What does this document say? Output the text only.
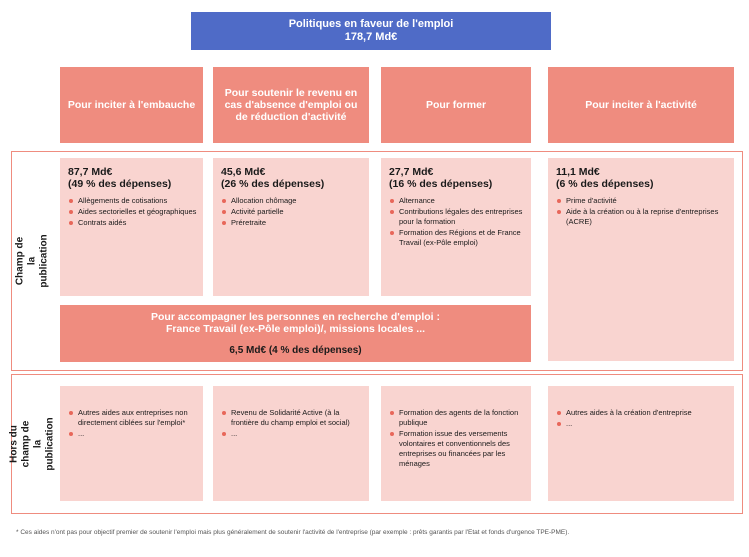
Politiques en faveur de l'emploi
178,7 Md€
Pour inciter à l'embauche
Pour soutenir le revenu en cas d'absence d'emploi ou de réduction d'activité
Pour former	Pour inciter à l'activité
Champ de la publication
87,7 Md€
(49 % des dépenses)
Allègements de cotisations
Aides sectorielles et géographiques
Contrats aidés
45,6 Md€
(26 % des dépenses)
Allocation chômage
Activité partielle
Préretraite
27,7 Md€
(16 % des dépenses)
Alternance
Contributions légales des entreprises pour la formation
Formation des Régions et de France Travail (ex-Pôle emploi)
11,1 Md€
(6 % des dépenses)
Prime d'activité
Aide à la création ou à la reprise d'entreprises (ACRE)
Pour accompagner les personnes en recherche d'emploi :
France Travail (ex-Pôle emploi)/, missions locales ...
6,5 Md€ (4 % des dépenses)
Hors du champ de la publication
Autres aides aux entreprises non directement ciblées sur l'emploi*
...
Revenu de Solidarité Active (à la frontière du champ emploi et social)
...
Formation des agents de la fonction publique
Formation issue des versements volontaires et conventionnels des entreprises ou financées par les ménages
Autres aides à la création d'entreprise
...
* Ces aides n'ont pas pour objectif premier de soutenir l'emploi mais plus généralement de soutenir l'activité de l'entreprise (par exemple : prêts garantis par l'Etat et fonds d'urgence TPE-PME).
